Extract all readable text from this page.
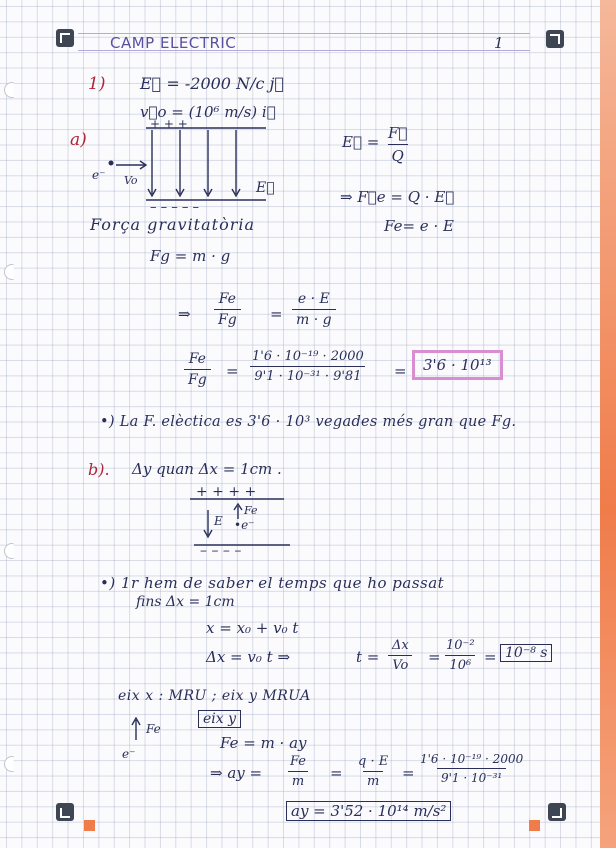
CAMP ELECTRIC	1
1) E⃗ = -2000 N/c j⃗
v⃗o = (10⁶ m/s) i⃗
a)
+ + +
– – – – –
e⁻ Vo	E⃗
E⃗ = $\frac{F⃗}{Q}$
⇒ F⃗e = Q · E⃗
Fe= e · E
Força gravitatòria
Fg = m · g
⇒ $\frac{Fe}{Fg} = \frac{e \cdot E}{m \cdot g}$
$\frac{Fe}{Fg} = \frac{\text{1'6 · 10⁻¹⁹ · 2000}}{\text{9'1 · 10⁻³¹ · 9'81}}$ =	3'6 · 10¹³
•) La F. elèctica es 3'6 · 10³ vegades més gran que Fg.
b). Δy quan Δx = 1cm .
+ + + +
– – – –
E
Fe
•e⁻
•) 1r hem de saber el temps que ho passat
fins Δx = 1cm
x = x₀ + v₀ t
Δx = v₀ t ⇒	$t = \frac{\Delta x}{Vo} = \frac{\text{10⁻²}}{\text{10⁶}} = 10^{-8}$ s
eix x : MRU ; eix y MRUA
eix y
Fe
e⁻
Fe = m · ay
⇒ ay = $\frac{Fe}{m} = \frac{q \cdot E}{m} = \frac{\text{1'6 · 10⁻¹⁹ · 2000}}{\text{9'1 · 10⁻³¹}}$
ay = 3'52 · 10¹⁴ m/s²
